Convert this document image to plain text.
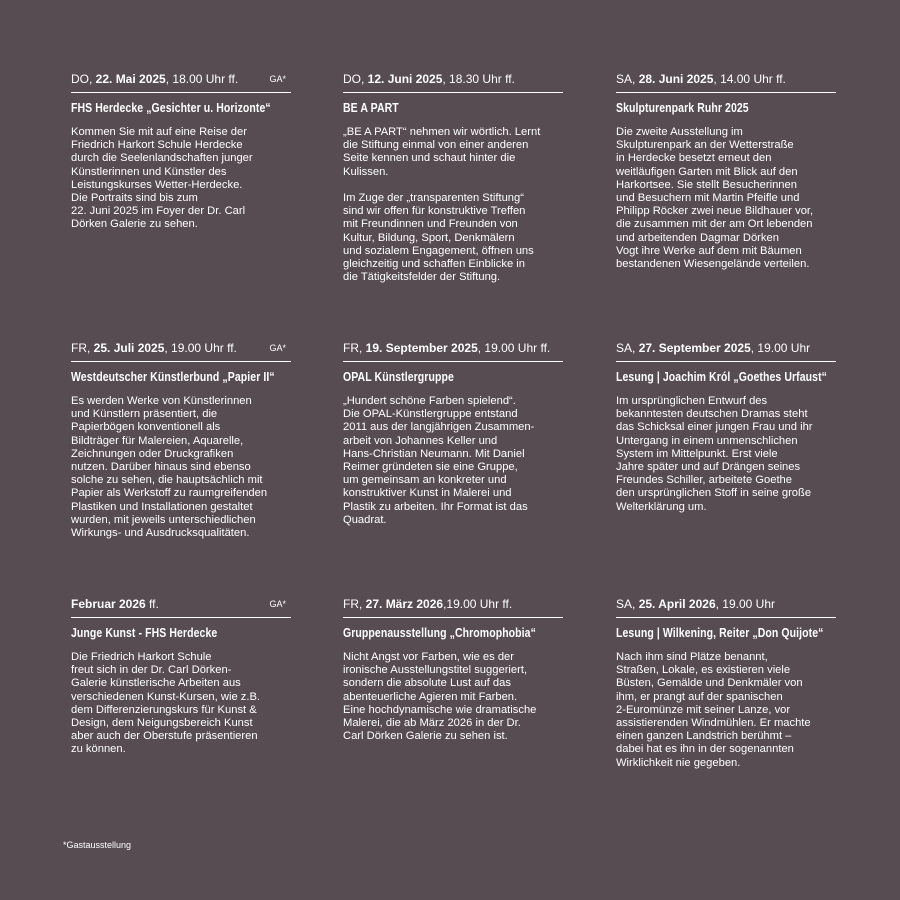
DO, 22. Mai 2025, 18.00 Uhr ff.	GA*
FHS Herdecke „Gesichter u. Horizonte“

Kommen Sie mit auf eine Reise der
Friedrich Harkort Schule Herdecke
durch die Seelenlandschaften junger
Künstlerinnen und Künstler des
Leistungskurses Wetter-Herdecke.
Die Portraits sind bis zum
22. Juni 2025 im Foyer der Dr. Carl
Dörken Galerie zu sehen.

DO, 12. Juni 2025, 18.30 Uhr ff.
BE A PART

„BE A PART“ nehmen wir wörtlich. Lernt
die Stiftung einmal von einer anderen
Seite kennen und schaut hinter die
Kulissen.

Im Zuge der „transparenten Stiftung“
sind wir offen für konstruktive Treffen
mit Freundinnen und Freunden von
Kultur, Bildung, Sport, Denkmälern
und sozialem Engagement, öffnen uns
gleichzeitig und schaffen Einblicke in
die Tätigkeitsfelder der Stiftung.

SA, 28. Juni 2025, 14.00 Uhr ff.
Skulpturenpark Ruhr 2025

Die zweite Ausstellung im
Skulpturenpark an der Wetterstraße
in Herdecke besetzt erneut den
weitläufigen Garten mit Blick auf den
Harkortsee. Sie stellt Besucherinnen
und Besuchern mit Martin Pfeifle und
Philipp Röcker zwei neue Bildhauer vor,
die zusammen mit der am Ort lebenden
und arbeitenden Dagmar Dörken
Vogt ihre Werke auf dem mit Bäumen
bestandenen Wiesengelände verteilen.

FR, 25. Juli 2025, 19.00 Uhr ff.	GA*
Westdeutscher Künstlerbund „Papier II“

Es werden Werke von Künstlerinnen
und Künstlern präsentiert, die
Papierbögen konventionell als
Bildträger für Malereien, Aquarelle,
Zeichnungen oder Druckgrafiken
nutzen. Darüber hinaus sind ebenso
solche zu sehen, die hauptsächlich mit
Papier als Werkstoff zu raumgreifenden
Plastiken und Installationen gestaltet
wurden, mit jeweils unterschiedlichen
Wirkungs- und Ausdrucksqualitäten.

FR, 19. September 2025, 19.00 Uhr ff.
OPAL Künstlergruppe

„Hundert schöne Farben spielend“.
Die OPAL-Künstlergruppe entstand
2011 aus der langjährigen Zusammen-
arbeit von Johannes Keller und
Hans-Christian Neumann. Mit Daniel
Reimer gründeten sie eine Gruppe,
um gemeinsam an konkreter und
konstruktiver Kunst in Malerei und
Plastik zu arbeiten. Ihr Format ist das
Quadrat.

SA, 27. September 2025, 19.00 Uhr
Lesung | Joachim Król „Goethes Urfaust“

Im ursprünglichen Entwurf des
bekanntesten deutschen Dramas steht
das Schicksal einer jungen Frau und ihr
Untergang in einem unmenschlichen
System im Mittelpunkt. Erst viele
Jahre später und auf Drängen seines
Freundes Schiller, arbeitete Goethe
den ursprünglichen Stoff in seine große
Welterklärung um.

Februar 2026 ff.	GA*
Junge Kunst - FHS Herdecke

Die Friedrich Harkort Schule
freut sich in der Dr. Carl Dörken-
Galerie künstlerische Arbeiten aus
verschiedenen Kunst-Kursen, wie z.B.
dem Differenzierungskurs für Kunst &
Design, dem Neigungsbereich Kunst
aber auch der Oberstufe präsentieren
zu können.

FR, 27. März 2026,19.00 Uhr ff.
Gruppenausstellung „Chromophobia“

Nicht Angst vor Farben, wie es der
ironische Ausstellungstitel suggeriert,
sondern die absolute Lust auf das
abenteuerliche Agieren mit Farben.
Eine hochdynamische wie dramatische
Malerei, die ab März 2026 in der Dr.
Carl Dörken Galerie zu sehen ist.

SA, 25. April 2026, 19.00 Uhr
Lesung | Wilkening, Reiter „Don Quijote“

Nach ihm sind Plätze benannt,
Straßen, Lokale, es existieren viele
Büsten, Gemälde und Denkmäler von
ihm, er prangt auf der spanischen
2-Euromünze mit seiner Lanze, vor
assistierenden Windmühlen. Er machte
einen ganzen Landstrich berühmt –
dabei hat es ihn in der sogenannten
Wirklichkeit nie gegeben.

*Gastausstellung
